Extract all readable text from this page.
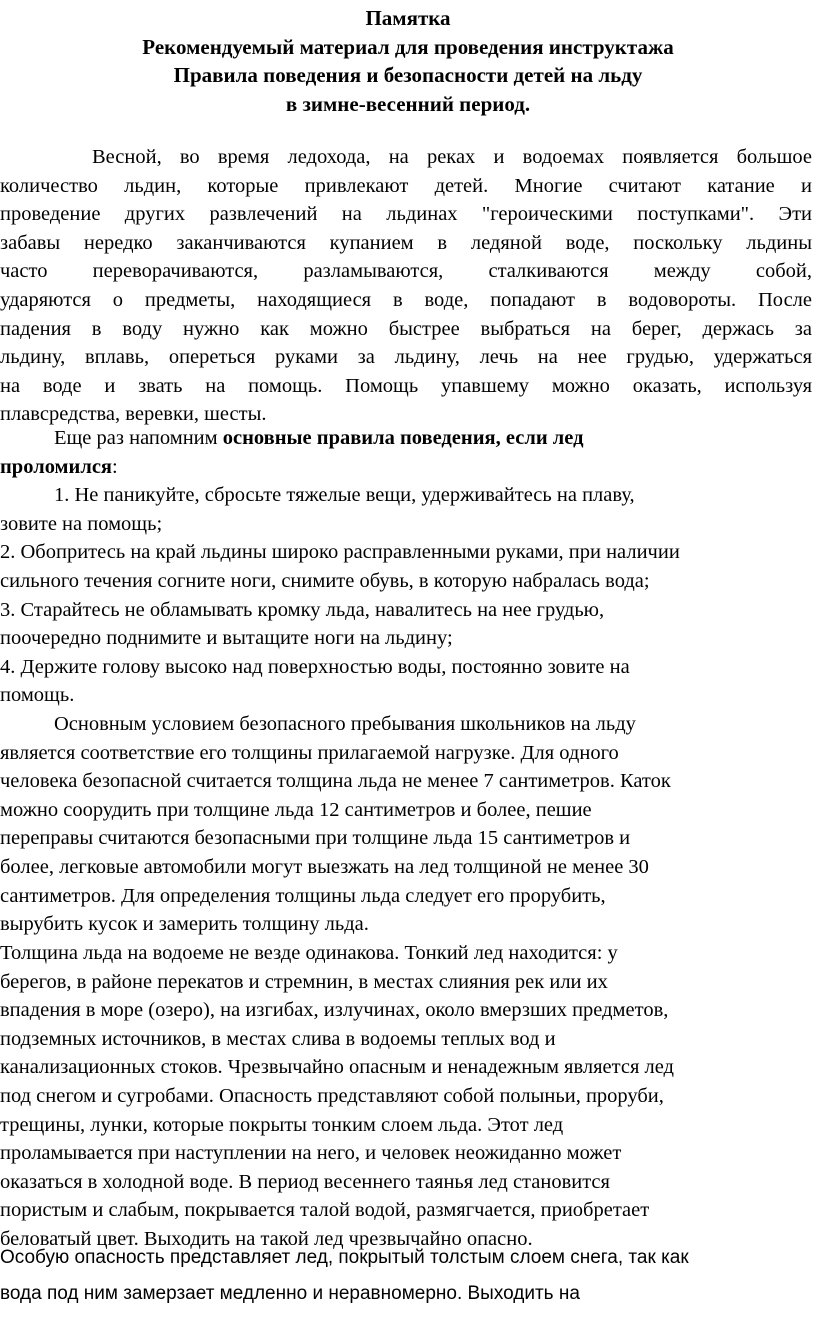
Памятка
Рекомендуемый материал для проведения инструктажа
Правила поведения и безопасности детей на льду
в зимне-весенний период.
Весной, во время ледохода, на реках и водоемах появляется большое
количество льдин, которые привлекают детей. Многие считают катание и
проведение других развлечений на льдинах "героическими поступками". Эти
забавы нередко заканчиваются купанием в ледяной воде, поскольку льдины
часто переворачиваются, разламываются, сталкиваются между собой,
ударяются о предметы, находящиеся в воде, попадают в водовороты. После
падения в воду нужно как можно быстрее выбраться на берег, держась за
льдину, вплавь, опереться руками за льдину, лечь на нее грудью, удержаться
на воде и звать на помощь. Помощь упавшему можно оказать, используя
плавсредства, веревки, шесты.
Еще раз напомним основные правила поведения, если лед
проломился:
1. Не паникуйте, сбросьте тяжелые вещи, удерживайтесь на плаву,
зовите на помощь;
2. Обопритесь на край льдины широко расправленными руками, при наличии
сильного течения согните ноги, снимите обувь, в которую набралась вода;
3. Старайтесь не обламывать кромку льда, навалитесь на нее грудью,
поочередно поднимите и вытащите ноги на льдину;
4. Держите голову высоко над поверхностью воды, постоянно зовите на
помощь.
Основным условием безопасного пребывания школьников на льду
является соответствие его толщины прилагаемой нагрузке. Для одного
человека безопасной считается толщина льда не менее 7 сантиметров. Каток
можно соорудить при толщине льда 12 сантиметров и более, пешие
переправы считаются безопасными при толщине льда 15 сантиметров и
более, легковые автомобили могут выезжать на лед толщиной не менее 30
сантиметров. Для определения толщины льда следует его прорубить,
вырубить кусок и замерить толщину льда.
Толщина льда на водоеме не везде одинакова. Тонкий лед находится: у
берегов, в районе перекатов и стремнин, в местах слияния рек или их
впадения в море (озеро), на изгибах, излучинах, около вмерзших предметов,
подземных источников, в местах слива в водоемы теплых вод и
канализационных стоков. Чрезвычайно опасным и ненадежным является лед
под снегом и сугробами. Опасность представляют собой полыньи, проруби,
трещины, лунки, которые покрыты тонким слоем льда. Этот лед
проламывается при наступлении на него, и человек неожиданно может
оказаться в холодной воде. В период весеннего таянья лед становится
пористым и слабым, покрывается талой водой, размягчается, приобретает
беловатый цвет. Выходить на такой лед чрезвычайно опасно.
Особую опасность представляет лед, покрытый толстым слоем снега, так как
вода под ним замерзает медленно и неравномерно. Выходить на
